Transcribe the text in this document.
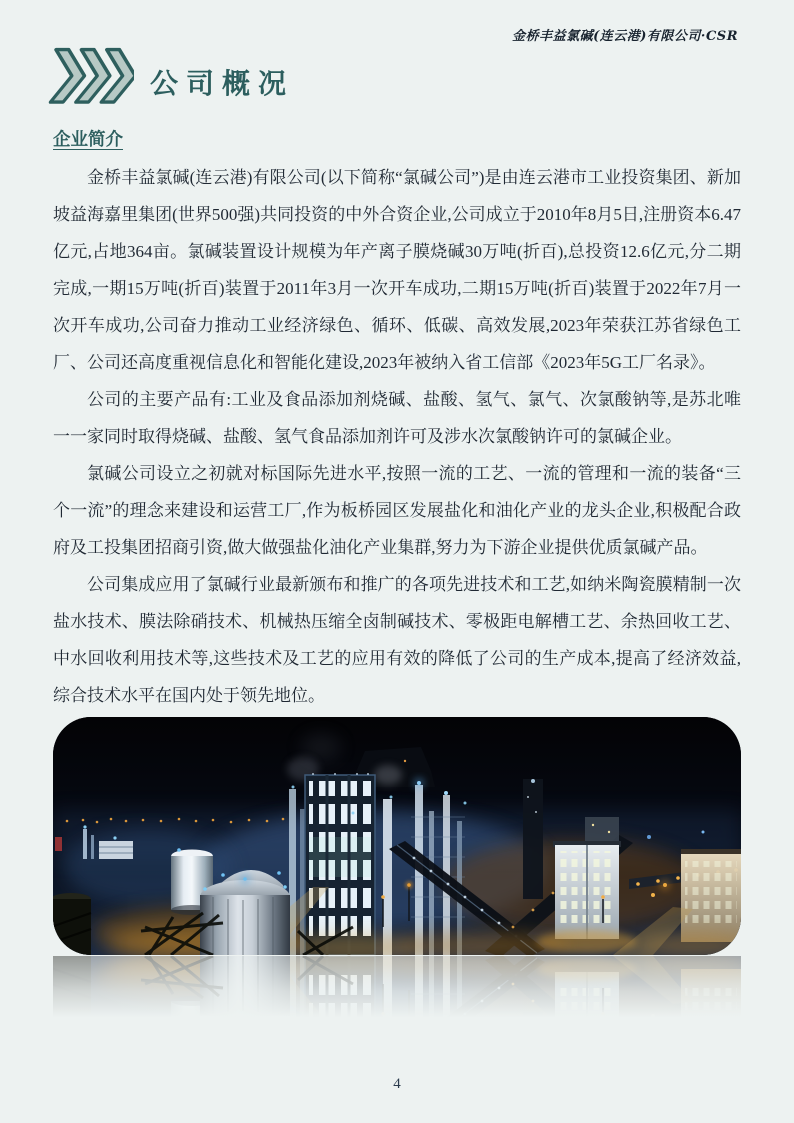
金桥丰益氯碱(连云港)有限公司·CSR
公司概况
企业简介

金桥丰益氯碱(连云港)有限公司(以下简称“氯碱公司”)是由连云港市工业投资集团、新加坡益海嘉里集团(世界500强)共同投资的中外合资企业,公司成立于2010年8月5日,注册资本6.47亿元,占地364亩。氯碱装置设计规模为年产离子膜烧碱30万吨(折百),总投资12.6亿元,分二期完成,一期15万吨(折百)装置于2011年3月一次开车成功,二期15万吨(折百)装置于2022年7月一次开车成功,公司奋力推动工业经济绿色、循环、低碳、高效发展,2023年荣获江苏省绿色工厂、公司还高度重视信息化和智能化建设,2023年被纳入省工信部《2023年5G工厂名录》。

公司的主要产品有:工业及食品添加剂烧碱、盐酸、氢气、氯气、次氯酸钠等,是苏北唯一一家同时取得烧碱、盐酸、氢气食品添加剂许可及涉水次氯酸钠许可的氯碱企业。

氯碱公司设立之初就对标国际先进水平,按照一流的工艺、一流的管理和一流的装备“三个一流”的理念来建设和运营工厂,作为板桥园区发展盐化和油化产业的龙头企业,积极配合政府及工投集团招商引资,做大做强盐化油化产业集群,努力为下游企业提供优质氯碱产品。

公司集成应用了氯碱行业最新颁布和推广的各项先进技术和工艺,如纳米陶瓷膜精制一次盐水技术、膜法除硝技术、机械热压缩全卤制碱技术、零极距电解槽工艺、余热回收工艺、中水回收利用技术等,这些技术及工艺的应用有效的降低了公司的生产成本,提高了经济效益,综合技术水平在国内处于领先地位。

4
